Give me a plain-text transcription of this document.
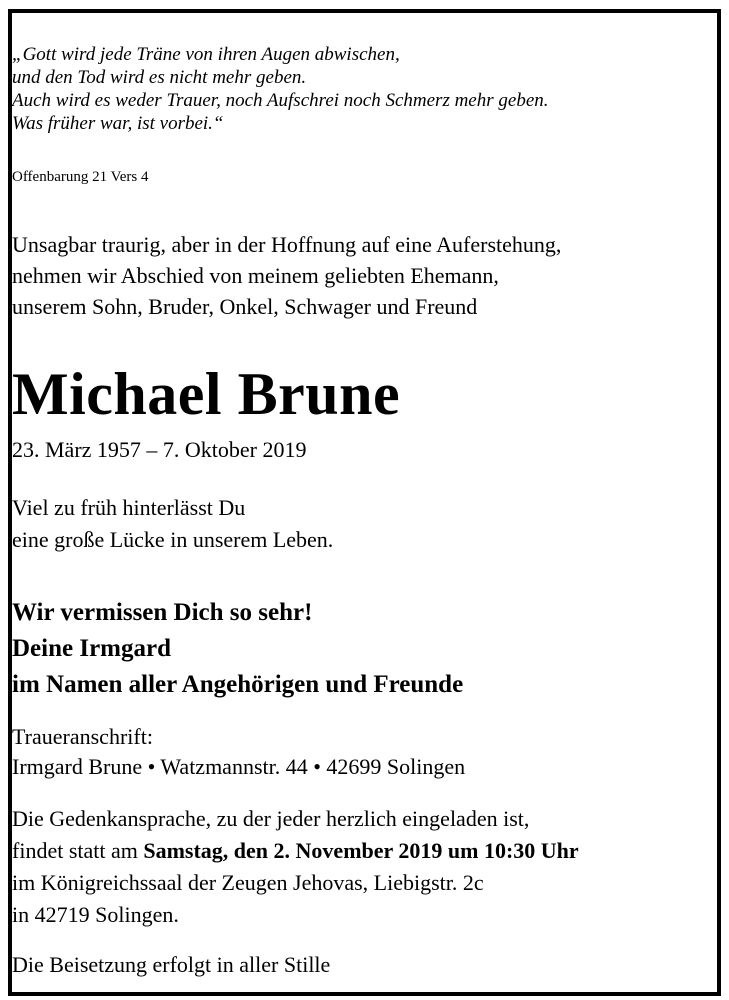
„Gott wird jede Träne von ihren Augen abwischen,
und den Tod wird es nicht mehr geben.
Auch wird es weder Trauer, noch Aufschrei noch Schmerz mehr geben.
Was früher war, ist vorbei.“
Offenbarung 21 Vers 4
Unsagbar traurig, aber in der Hoffnung auf eine Auferstehung,
nehmen wir Abschied von meinem geliebten Ehemann,
unserem Sohn, Bruder, Onkel, Schwager und Freund
Michael Brune
23. März 1957 – 7. Oktober 2019
Viel zu früh hinterlässt Du
eine große Lücke in unserem Leben.
Wir vermissen Dich so sehr!
Deine Irmgard
im Namen aller Angehörigen und Freunde
Traueranschrift:
Irmgard Brune • Watzmannstr. 44 • 42699 Solingen
Die Gedenkansprache, zu der jeder herzlich eingeladen ist,
findet statt am Samstag, den 2. November 2019 um 10:30 Uhr
im Königreichssaal der Zeugen Jehovas, Liebigstr. 2c
in 42719 Solingen.
Die Beisetzung erfolgt in aller Stille
